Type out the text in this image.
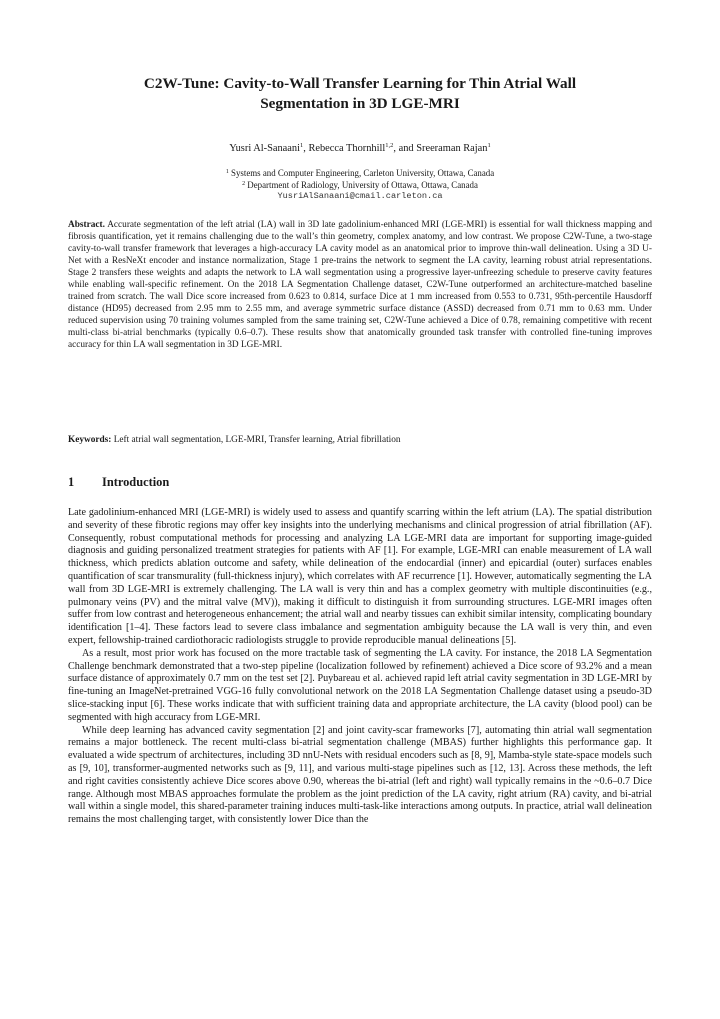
C2W-Tune: Cavity-to-Wall Transfer Learning for Thin Atrial Wall
Segmentation in 3D LGE-MRI
Yusri Al-Sanaani$^1$, Rebecca Thornhill$^{1,2}$, and Sreeraman Rajan$^1$
$^1$ Systems and Computer Engineering, Carleton University, Ottawa, Canada
$^2$ Department of Radiology, University of Ottawa, Ottawa, Canada
YusriAlSanaani@cmail.carleton.ca
Abstract. Accurate segmentation of the left atrial (LA) wall in 3D late gadolinium-enhanced MRI (LGE-MRI) is essential for wall thickness mapping and fibrosis quantification, yet it remains challenging due to the wall’s thin geometry, complex anatomy, and low contrast. We propose C2W-Tune, a two-stage cavity-to-wall transfer framework that leverages a high-accuracy LA cavity model as an anatomical prior to improve thin-wall delineation. Using a 3D U-Net with a ResNeXt encoder and instance normalization, Stage 1 pre-trains the network to segment the LA cavity, learning robust atrial representations. Stage 2 transfers these weights and adapts the network to LA wall segmentation using a progressive layer-unfreezing schedule to preserve cavity features while enabling wall-specific refinement. On the 2018 LA Segmentation Challenge dataset, C2W-Tune outperformed an architecture-matched baseline trained from scratch. The wall Dice score increased from 0.623 to 0.814, surface Dice at 1 mm increased from 0.553 to 0.731, 95th-percentile Hausdorff distance (HD95) decreased from 2.95 mm to 2.55 mm, and average symmetric surface distance (ASSD) decreased from 0.71 mm to 0.63 mm. Under reduced supervision using 70 training volumes sampled from the same training set, C2W-Tune achieved a Dice of 0.78, remaining competitive with recent multi-class bi-atrial benchmarks (typically 0.6–0.7). These results show that anatomically grounded task transfer with controlled fine-tuning improves accuracy for thin LA wall segmentation in 3D LGE-MRI.
Keywords: Left atrial wall segmentation, LGE-MRI, Transfer learning, Atrial fibrillation
1 Introduction

Late gadolinium-enhanced MRI (LGE-MRI) is widely used to assess and quantify scarring within the left atrium (LA). The spatial distribution and severity of these fibrotic regions may offer key insights into the underlying mechanisms and clinical progression of atrial fibrillation (AF). Consequently, robust computational methods for processing and analyzing LA LGE-MRI data are important for supporting image-guided diagnosis and guiding personalized treatment strategies for patients with AF [1]. For example, LGE-MRI can enable measurement of LA wall thickness, which predicts ablation outcome and safety, while delineation of the endocardial (inner) and epicardial (outer) surfaces enables quantification of scar transmurality (full-thickness injury), which correlates with AF recurrence [1]. However, automatically segmenting the LA wall from 3D LGE-MRI is extremely challenging. The LA wall is very thin and has a complex geometry with multiple discontinuities (e.g., pulmonary veins (PV) and the mitral valve (MV)), making it difficult to distinguish it from surrounding structures. LGE-MRI images often suffer from low contrast and heterogeneous enhancement; the atrial wall and nearby tissues can exhibit similar intensity, complicating boundary identification [1–4]. These factors lead to severe class imbalance and segmentation ambiguity because the LA wall is very thin, and even expert, fellowship-trained cardiothoracic radiologists struggle to provide reproducible manual delineations [5].

As a result, most prior work has focused on the more tractable task of segmenting the LA cavity. For instance, the 2018 LA Segmentation Challenge benchmark demonstrated that a two-step pipeline (localization followed by refinement) achieved a Dice score of 93.2% and a mean surface distance of approximately 0.7 mm on the test set [2]. Puybareau et al. achieved rapid left atrial cavity segmentation in 3D LGE-MRI by fine-tuning an ImageNet-pretrained VGG-16 fully convolutional network on the 2018 LA Segmentation Challenge dataset using a pseudo-3D slice-stacking input [6]. These works indicate that with sufficient training data and appropriate architecture, the LA cavity (blood pool) can be segmented with high accuracy from LGE-MRI.

While deep learning has advanced cavity segmentation [2] and joint cavity-scar frameworks [7], automating thin atrial wall segmentation remains a major bottleneck. The recent multi-class bi-atrial segmentation challenge (MBAS) further highlights this performance gap. It evaluated a wide spectrum of architectures, including 3D nnU-Nets with residual encoders such as [8, 9], Mamba-style state-space models such as [9, 10], transformer-augmented networks such as [9, 11], and various multi-stage pipelines such as [12, 13]. Across these methods, the left and right cavities consistently achieve Dice scores above 0.90, whereas the bi-atrial (left and right) wall typically remains in the ~0.6–0.7 Dice range. Although most MBAS approaches formulate the problem as the joint prediction of the LA cavity, right atrium (RA) cavity, and bi-atrial wall within a single model, this shared-parameter training induces multi-task-like interactions among outputs. In practice, atrial wall delineation remains the most challenging target, with consistently lower Dice than the
